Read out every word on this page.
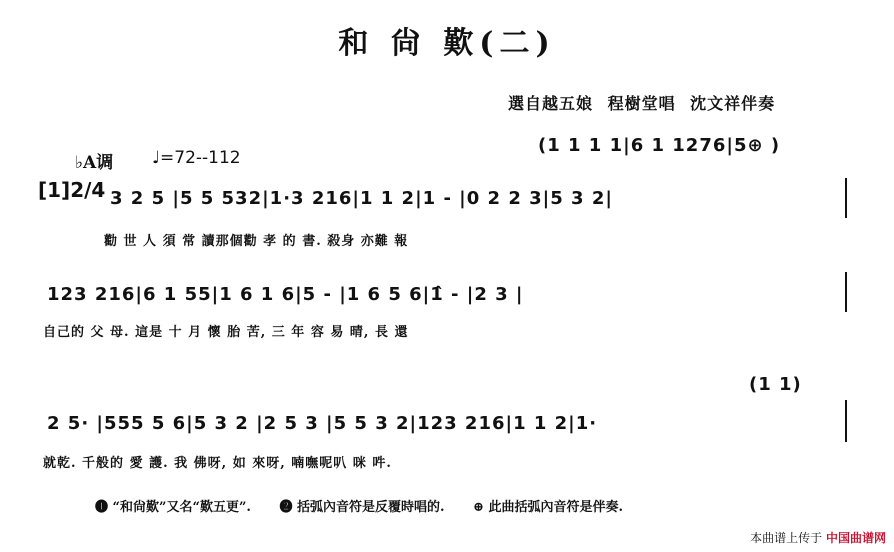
和 尙 歎(二)
選自越五娘 程樹堂唱 沈文祥伴奏
♭A调 ♩=72--112
(1 1 1 1|6 1 1276|5⊕ )
[1]2/4 3 2 5 |5 5 532|1·3 216|1 1 2|1 - |0 2 2 3|5 3 2|
勸 世 人 須 常 讀那個勸 孝 的 書. 殺身 亦難 報
123 216|6 1 55|1 6 1 6|5 - |1 6 5 6|1̂ - |2 3 |
自己的 父 母. 這是 十 月 懷 胎 苦, 三 年 容 易 晴, 長 還
(1 1)
2 5· |555 5 6|5 3 2 |2 5 3 |5 5 3 2|123 216|1 1 2|1·
就乾. 千般的 愛 護. 我 佛呀, 如 來呀, 喃嘸呢叭 咪 吽.
❶ “和尙歎”又名“歎五更”. ❷ 括弧內音符是反覆時唱的. ⊕ 此曲括弧內音符是伴奏.
本曲谱上传于 中国曲谱网
